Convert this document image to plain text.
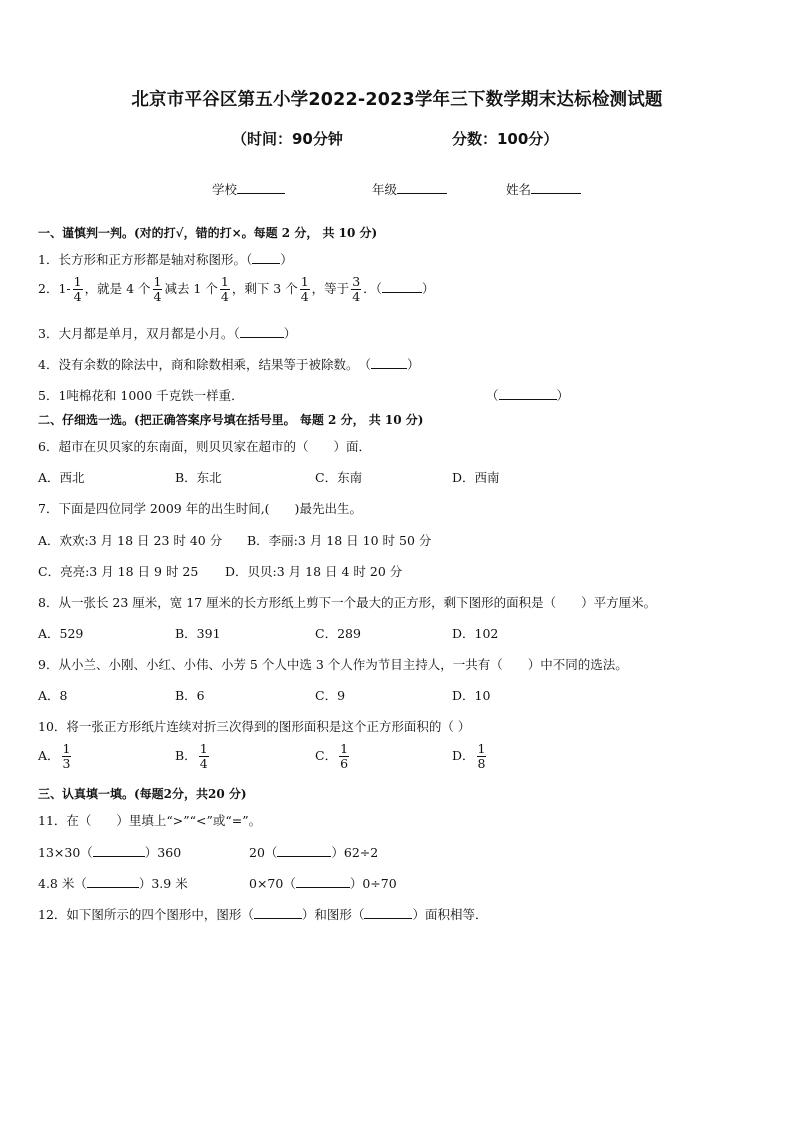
北京市平谷区第五小学2022-2023学年三下数学期末达标检测试题
（时间：90分钟	分数：100分）
学校	年级	姓名
一、谨慎判一判。(对的打√，错的打×。每题 2 分， 共 10 分)
1．长方形和正方形都是轴对称图形。（ ）
2．$1- \frac{1}{4}$ ，就是 4 个 $\frac{1}{4}$ 减去 1 个 $\frac{1}{4}$ ，剩下 3 个 $\frac{1}{4}$ ，等于 $\frac{3}{4}$ ．（	）
3．大月都是单月，双月都是小月。（	）
4．没有余数的除法中，商和除数相乘，结果等于被除数。　（	）
5．1吨棉花和 1000 千克铁一样重．	（	）
二、仔细选一选。(把正确答案序号填在括号里。 每题 2 分， 共 10 分)
6．超市在贝贝家的东南面，则贝贝家在超市的（　　）面．
A．西北	B．东北	C．东南	D．西南
7．下面是四位同学 2009 年的出生时间,(　　)最先出生。
A．欢欢:3 月 18 日 23 时 40 分 B．李丽:3 月 18 日 10 时 50 分
C．亮亮:3 月 18 日 9 时 25 D．贝贝:3 月 18 日 4 时 20 分
8．从一张长 23 厘米，宽 17 厘米的长方形纸上剪下一个最大的正方形，剩下图形的面积是（　　）平方厘米。
A．529	B．391	C．289	D．102
9．从小兰、小刚、小红、小伟、小芳 5 个人中选 3 个人作为节目主持人，一共有（　　）中不同的选法。
A．8	B．6	C．9	D．10
10．将一张正方形纸片连续对折三次得到的图形面积是这个正方形面积的（ ）
A． $\frac{1}{3}$	B． $\frac{1}{4}$	C． $\frac{1}{6}$	D． $\frac{1}{8}$
三、认真填一填。(每题2分，共20 分)
11．在（　　）里填上“>”“<”或“=”。
13×30（	）360	20（	）62÷2
4.8 米（	）3.9 米	0×70（	）0÷70
12．如下图所示的四个图形中，图形（	）和图形（	）面积相等．
